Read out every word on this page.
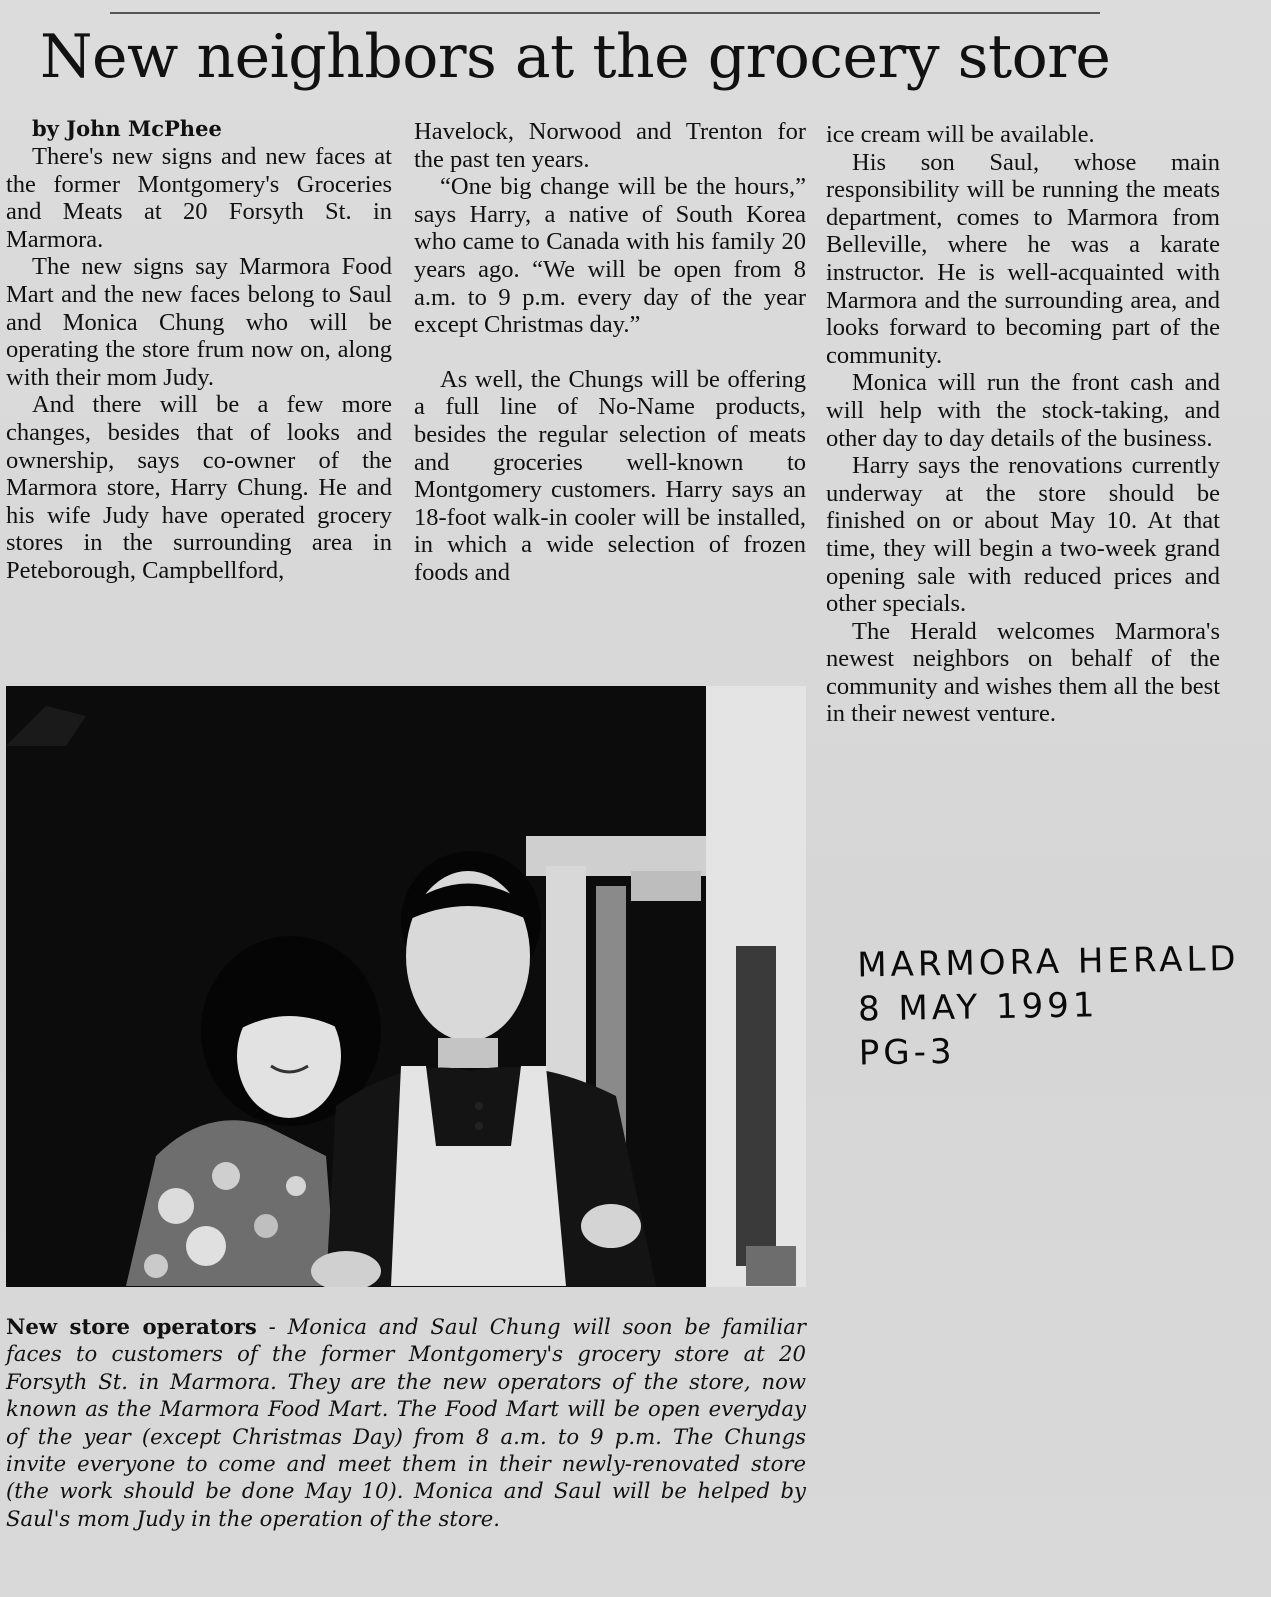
New neighbors at the grocery store

by John McPhee

There's new signs and new faces at the former Montgomery's Groceries and Meats at 20 Forsyth St. in Marmora.

The new signs say Marmora Food Mart and the new faces belong to Saul and Monica Chung who will be operating the store frum now on, along with their mom Judy.

And there will be a few more changes, besides that of looks and ownership, says co-owner of the Marmora store, Harry Chung. He and his wife Judy have operated grocery stores in the surrounding area in Peteborough, Campbellford,

Havelock, Norwood and Trenton for the past ten years.

“One big change will be the hours,” says Harry, a native of South Korea who came to Canada with his family 20 years ago. “We will be open from 8 a.m. to 9 p.m. every day of the year except Christmas day.”

As well, the Chungs will be offering a full line of No-Name products, besides the regular selection of meats and groceries well-known to Montgomery customers. Harry says an 18-foot walk-in cooler will be installed, in which a wide selection of frozen foods and

ice cream will be available.

His son Saul, whose main responsibility will be running the meats department, comes to Marmora from Belleville, where he was a karate instructor. He is well-acquainted with Marmora and the surrounding area, and looks forward to becoming part of the community.

Monica will run the front cash and will help with the stock-taking, and other day to day details of the business.

Harry says the renovations currently underway at the store should be finished on or about May 10. At that time, they will begin a two-week grand opening sale with reduced prices and other specials.

The Herald welcomes Marmora's newest neighbors on behalf of the community and wishes them all the best in their newest venture.

New store operators - Monica and Saul Chung will soon be familiar faces to customers of the former Montgomery's grocery store at 20 Forsyth St. in Marmora. They are the new operators of the store, now known as the Marmora Food Mart. The Food Mart will be open everyday of the year (except Christmas Day) from 8 a.m. to 9 p.m. The Chungs invite everyone to come and meet them in their newly-renovated store (the work should be done May 10). Monica and Saul will be helped by Saul's mom Judy in the operation of the store.
MARMORA HERALD
8 MAY 1991
PG-3
